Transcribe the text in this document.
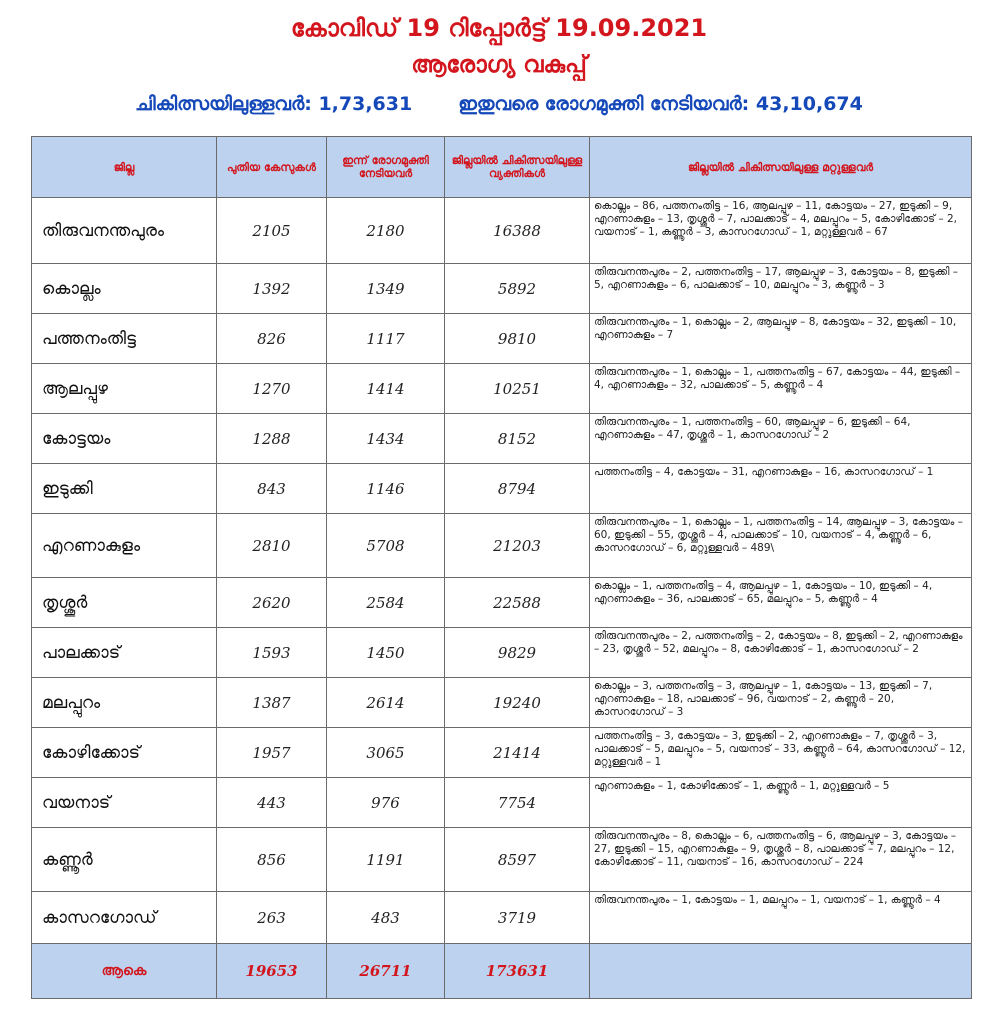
കോവിഡ് 19 റിപ്പോർട്ട് 19.09.2021
ആരോഗ്യ വകുപ്പ്

ചികിത്സയിലുള്ളവർ: 1,73,631 ഇതുവരെ രോഗമുക്തി നേടിയവർ: 43,10,674

ജില്ല	പുതിയ കേസുകൾ	ഇന്ന് രോഗമുക്തി നേടിയവർ	ജില്ലയിൽ ചികിത്സയിലുള്ള വ്യക്തികൾ	ജില്ലയിൽ ചികിത്സയിലുള്ള മറ്റുള്ളവർ
തിരുവനന്തപുരം	2105	2180	16388	കൊല്ലം – 86, പത്തനംതിട്ട – 16, ആലപ്പുഴ – 11, കോട്ടയം – 27, ഇടുക്കി – 9, എറണാകുളം – 13, തൃശ്ശൂർ – 7, പാലക്കാട് – 4, മലപ്പുറം – 5, കോഴിക്കോട് – 2, വയനാട് – 1, കണ്ണൂർ – 3, കാസറഗോഡ് – 1, മറ്റുള്ളവർ – 67
കൊല്ലം	1392	1349	5892	തിരുവനന്തപുരം – 2, പത്തനംതിട്ട – 17, ആലപ്പുഴ – 3, കോട്ടയം – 8, ഇടുക്കി – 5, എറണാകുളം – 6, പാലക്കാട് – 10, മലപ്പുറം – 3, കണ്ണൂർ – 3
പത്തനംതിട്ട	826	1117	9810	തിരുവനന്തപുരം – 1, കൊല്ലം – 2, ആലപ്പുഴ – 8, കോട്ടയം – 32, ഇടുക്കി – 10, എറണാകുളം – 7
ആലപ്പുഴ	1270	1414	10251	തിരുവനന്തപുരം – 1, കൊല്ലം – 1, പത്തനംതിട്ട – 67, കോട്ടയം – 44, ഇടുക്കി – 4, എറണാകുളം – 32, പാലക്കാട് – 5, കണ്ണൂർ – 4
കോട്ടയം	1288	1434	8152	തിരുവനന്തപുരം – 1, പത്തനംതിട്ട – 60, ആലപ്പുഴ – 6, ഇടുക്കി – 64, എറണാകുളം – 47, തൃശ്ശൂർ – 1, കാസറഗോഡ് – 2
ഇടുക്കി	843	1146	8794	പത്തനംതിട്ട – 4, കോട്ടയം – 31, എറണാകുളം – 16, കാസറഗോഡ് – 1
എറണാകുളം	2810	5708	21203	തിരുവനന്തപുരം – 1, കൊല്ലം – 1, പത്തനംതിട്ട – 14, ആലപ്പുഴ – 3, കോട്ടയം – 60, ഇടുക്കി – 55, തൃശ്ശൂർ – 4, പാലക്കാട് – 10, വയനാട് – 4, കണ്ണൂർ – 6, കാസറഗോഡ് – 6, മറ്റുള്ളവർ – 489\
തൃശ്ശൂർ	2620	2584	22588	കൊല്ലം – 1, പത്തനംതിട്ട – 4, ആലപ്പുഴ – 1, കോട്ടയം – 10, ഇടുക്കി – 4, എറണാകുളം – 36, പാലക്കാട് – 65, മലപ്പുറം – 5, കണ്ണൂർ – 4
പാലക്കാട്	1593	1450	9829	തിരുവനന്തപുരം – 2, പത്തനംതിട്ട – 2, കോട്ടയം – 8, ഇടുക്കി – 2, എറണാകുളം – 23, തൃശ്ശൂർ – 52, മലപ്പുറം – 8, കോഴിക്കോട് – 1, കാസറഗോഡ് – 2
മലപ്പുറം	1387	2614	19240	കൊല്ലം – 3, പത്തനംതിട്ട – 3, ആലപ്പുഴ – 1, കോട്ടയം – 13, ഇടുക്കി – 7, എറണാകുളം – 18, പാലക്കാട് – 96, വയനാട് – 2, കണ്ണൂർ – 20, കാസറഗോഡ് – 3
കോഴിക്കോട്	1957	3065	21414	പത്തനംതിട്ട – 3, കോട്ടയം – 3, ഇടുക്കി – 2, എറണാകുളം – 7, തൃശ്ശൂർ – 3, പാലക്കാട് – 5, മലപ്പുറം – 5, വയനാട് – 33, കണ്ണൂർ – 64, കാസറഗോഡ് – 12, മറ്റുള്ളവർ – 1
വയനാട്	443	976	7754	എറണാകുളം – 1, കോഴിക്കോട് – 1, കണ്ണൂർ – 1, മറ്റുള്ളവർ – 5
കണ്ണൂർ	856	1191	8597	തിരുവനന്തപുരം – 8, കൊല്ലം – 6, പത്തനംതിട്ട – 6, ആലപ്പുഴ – 3, കോട്ടയം – 27, ഇടുക്കി – 15, എറണാകുളം – 9, തൃശ്ശൂർ – 8, പാലക്കാട് – 7, മലപ്പുറം – 12, കോഴിക്കോട് – 11, വയനാട് – 16, കാസറഗോഡ് – 224
കാസറഗോഡ്	263	483	3719	തിരുവനന്തപുരം – 1, കോട്ടയം – 1, മലപ്പുറം – 1, വയനാട് – 1, കണ്ണൂർ – 4
ആകെ	19653	26711	173631	
